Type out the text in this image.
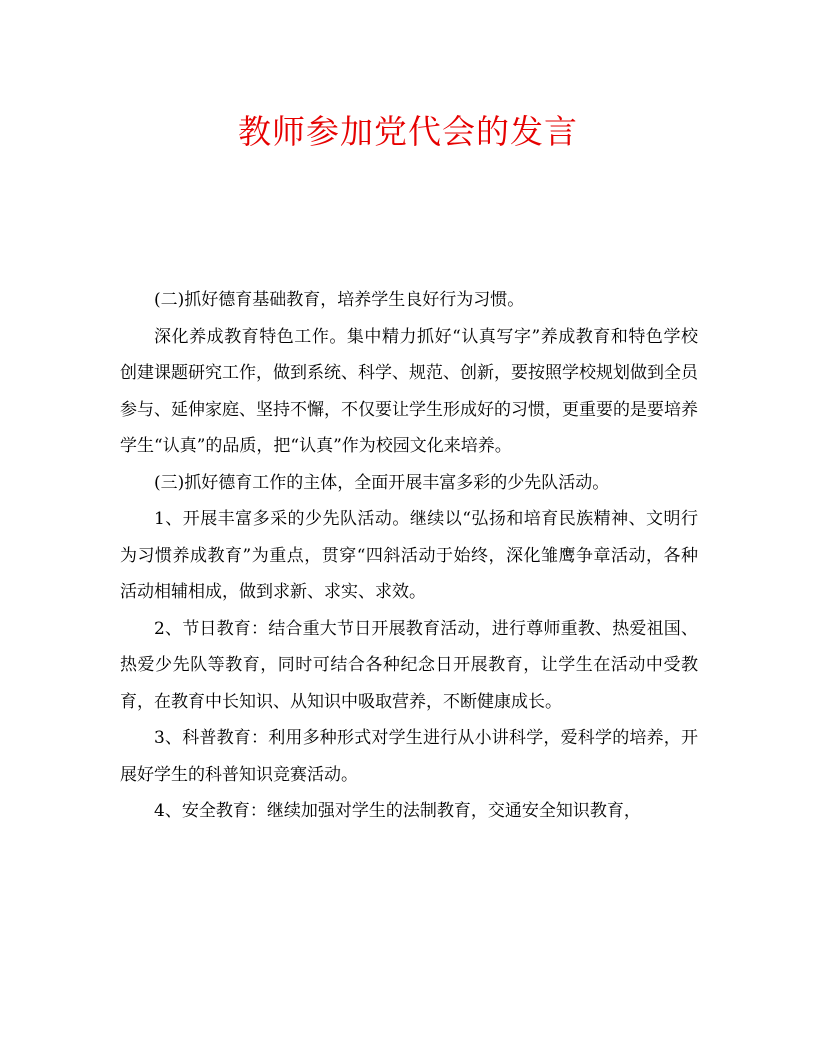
教师参加党代会的发言

(二)抓好德育基础教育，培养学生良好行为习惯。

深化养成教育特色工作。集中精力抓好“认真写字”养成教育和特色学校创建课题研究工作，做到系统、科学、规范、创新，要按照学校规划做到全员参与、延伸家庭、坚持不懈，不仅要让学生形成好的习惯，更重要的是要培养学生“认真”的品质，把“认真”作为校园文化来培养。

(三)抓好德育工作的主体，全面开展丰富多彩的少先队活动。

1、开展丰富多采的少先队活动。继续以“弘扬和培育民族精神、文明行为习惯养成教育”为重点，贯穿“四斜活动于始终，深化雏鹰争章活动，各种活动相辅相成，做到求新、求实、求效。

2、节日教育：结合重大节日开展教育活动，进行尊师重教、热爱祖国、热爱少先队等教育，同时可结合各种纪念日开展教育，让学生在活动中受教育，在教育中长知识、从知识中吸取营养，不断健康成长。

3、科普教育：利用多种形式对学生进行从小讲科学，爱科学的培养，开展好学生的科普知识竞赛活动。

4、安全教育：继续加强对学生的法制教育，交通安全知识教育，
